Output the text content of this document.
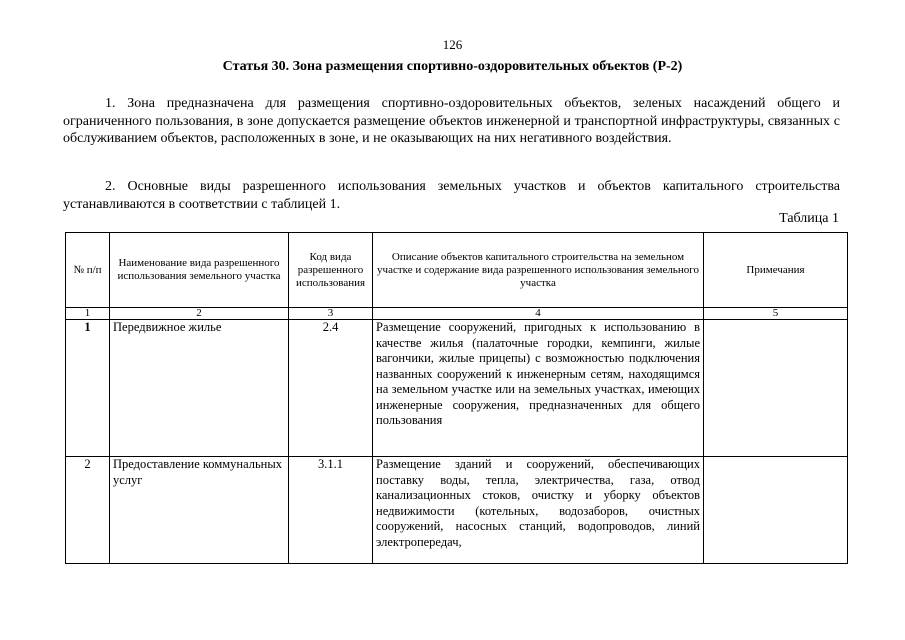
126
Статья 30. Зона размещения спортивно-оздоровительных объектов (Р-2)
1. Зона предназначена для размещения спортивно-оздоровительных объектов, зеленых насаждений общего и ограниченного пользования, в зоне допускается размещение объектов инженерной и транспортной инфраструктуры, связанных с обслуживанием объектов, расположенных в зоне, и не оказывающих на них негативного воздействия.
2. Основные виды разрешенного использования земельных участков и объектов капитального строительства устанавливаются в соответствии с таблицей 1.
Таблица 1
№ п/п	Наименование вида разрешенного использования земельного участка	Код вида разрешенного использования	Описание объектов капитального строительства на земельном участке и содержание вида разрешенного использования земельного участка	Примечания
1	2	3	4	5
1	Передвижное жилье	2.4	Размещение сооружений, пригодных к использованию в качестве жилья (палаточные городки, кемпинги, жилые вагончики, жилые прицепы) с возможностью подключения названных сооружений к инженерным сетям, находящимся на земельном участке или на земельных участках, имеющих инженерные сооружения, предназначенных для общего пользования	
2	Предоставление коммунальных услуг	3.1.1	Размещение зданий и сооружений, обеспечивающих поставку воды, тепла, электричества, газа, отвод канализационных стоков, очистку и уборку объектов недвижимости (котельных, водозаборов, очистных сооружений, насосных станций, водопроводов, линий электропередач,	
